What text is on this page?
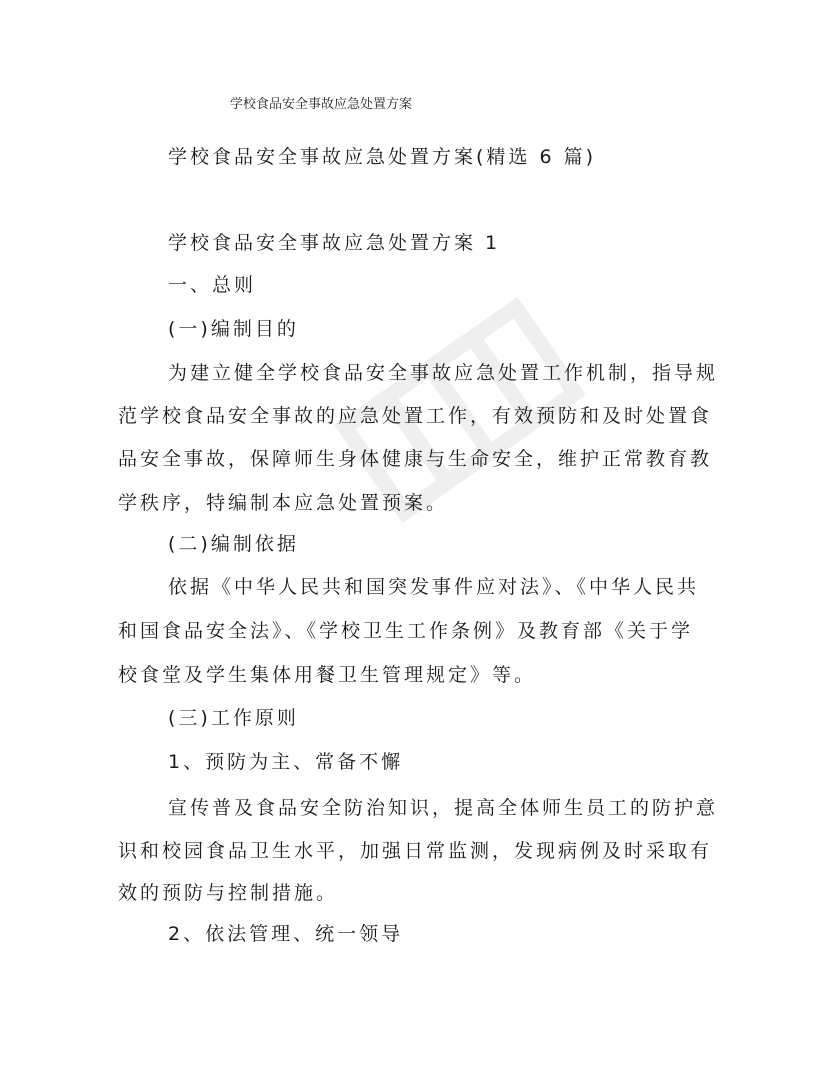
学校食品安全事故应急处置方案
学校食品安全事故应急处置方案(精选 6 篇)
学校食品安全事故应急处置方案 1
一、总则
(一)编制目的
为建立健全学校食品安全事故应急处置工作机制，指导规
范学校食品安全事故的应急处置工作，有效预防和及时处置食
品安全事故，保障师生身体健康与生命安全，维护正常教育教
学秩序，特编制本应急处置预案。
(二)编制依据
依据《中华人民共和国突发事件应对法》、《中华人民共
和国食品安全法》、《学校卫生工作条例》及教育部《关于学
校食堂及学生集体用餐卫生管理规定》等。
(三)工作原则
1、预防为主、常备不懈
宣传普及食品安全防治知识，提高全体师生员工的防护意
识和校园食品卫生水平，加强日常监测，发现病例及时采取有
效的预防与控制措施。
2、依法管理、统一领导
